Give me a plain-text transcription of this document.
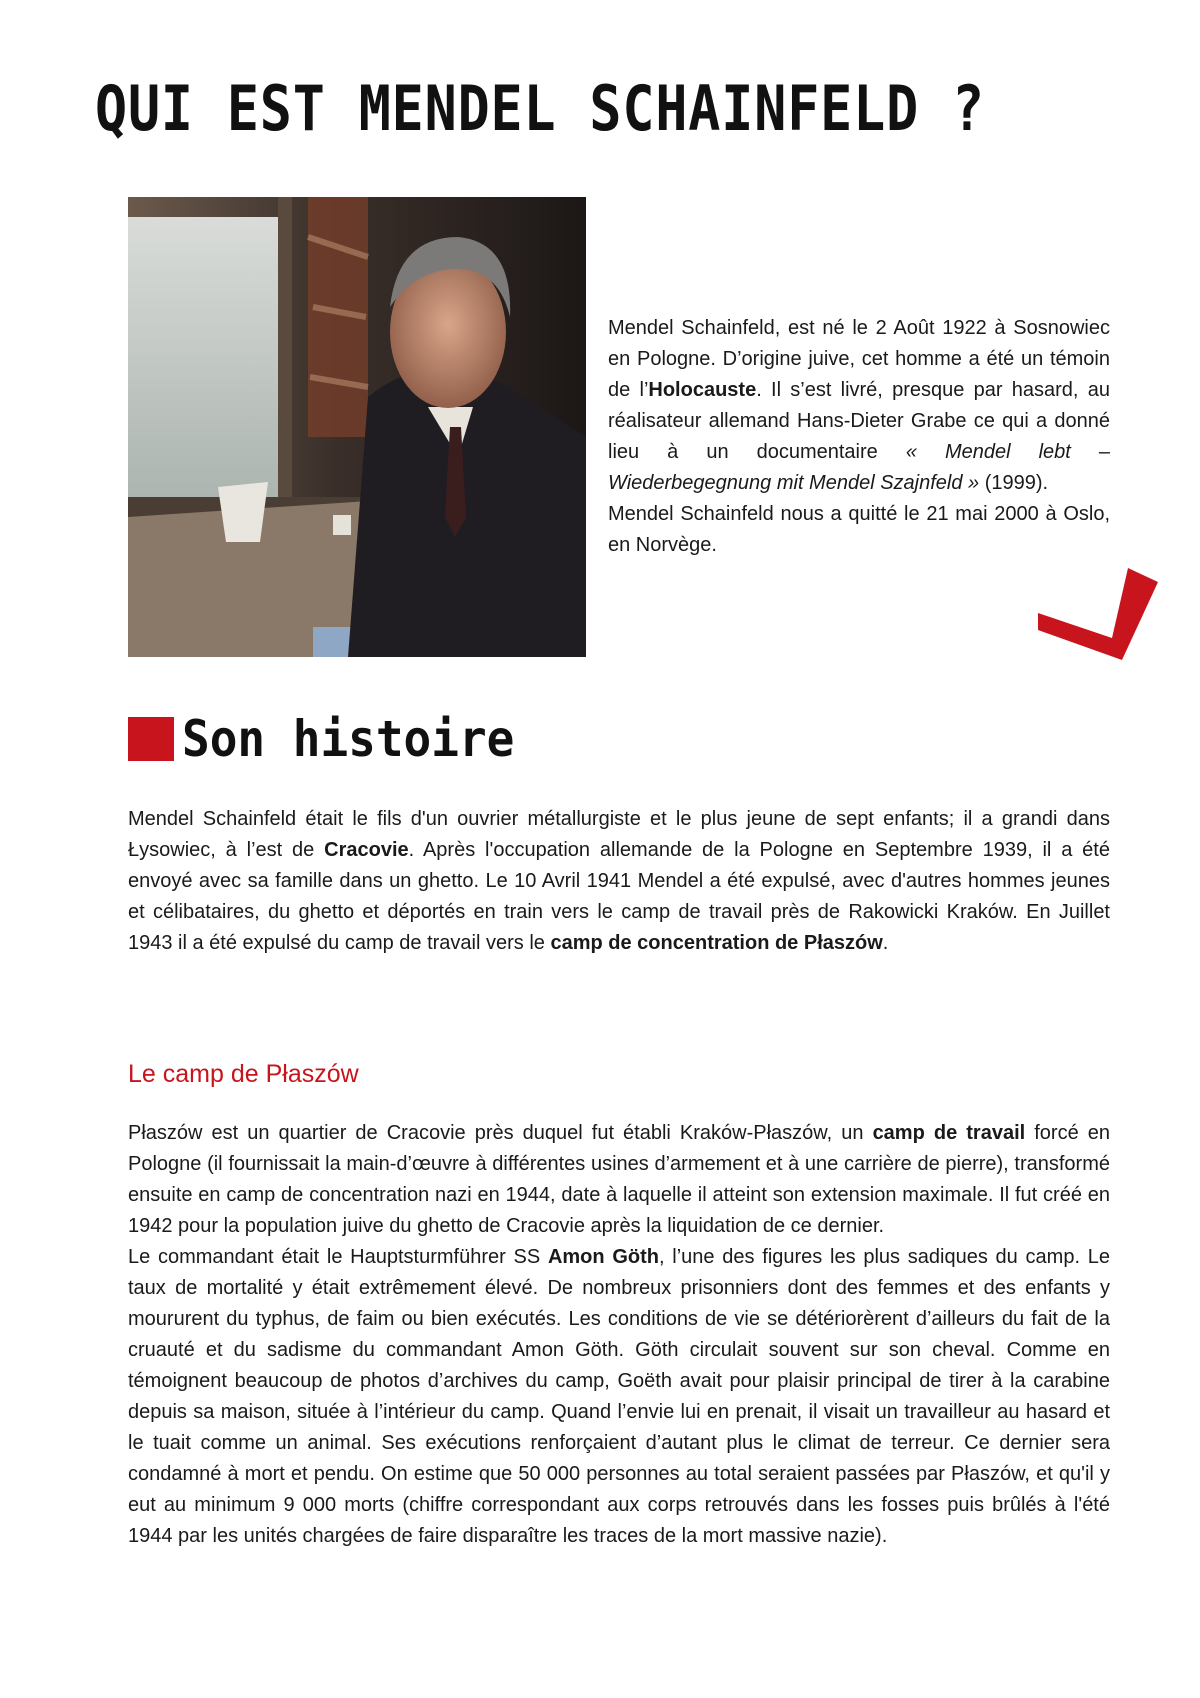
QUI EST MENDEL SCHAINFELD ?

Mendel Schainfeld, est né le 2 Août 1922 à Sosnowiec en Pologne. D’origine juive, cet homme a été un témoin de l’Holocauste. Il s’est livré, presque par hasard, au réalisateur allemand Hans-Dieter Grabe ce qui a donné lieu à un documentaire « Mendel lebt – Wiederbegegnung mit Mendel Szajnfeld » (1999).

Mendel Schainfeld nous a quitté le 21 mai 2000 à Oslo, en Norvège.

Son histoire

Mendel Schainfeld était le fils d'un ouvrier métallurgiste et le plus jeune de sept enfants; il a grandi dans Łysowiec, à l’est de Cracovie. Après l'occupation allemande de la Pologne en Septembre 1939, il a été envoyé avec sa famille dans un ghetto. Le 10 Avril 1941 Mendel a été expulsé, avec d'autres hommes jeunes et célibataires, du ghetto et déportés en train vers le camp de travail près de Rakowicki Kraków. En Juillet 1943 il a été expulsé du camp de travail vers le camp de concentration de Płaszów.

Le camp de Płaszów

Płaszów est un quartier de Cracovie près duquel fut établi Kraków-Płaszów, un camp de travail forcé en Pologne (il fournissait la main-d’œuvre à différentes usines d’armement et à une carrière de pierre), transformé ensuite en camp de concentration nazi en 1944, date à laquelle il atteint son extension maximale. Il fut créé en 1942 pour la population juive du ghetto de Cracovie après la liquidation de ce dernier.

Le commandant était le Hauptsturmführer SS Amon Göth, l’une des figures les plus sadiques du camp. Le taux de mortalité y était extrêmement élevé. De nombreux prisonniers dont des femmes et des enfants y moururent du typhus, de faim ou bien exécutés. Les conditions de vie se détériorèrent d’ailleurs du fait de la cruauté et du sadisme du commandant Amon Göth. Göth circulait souvent sur son cheval. Comme en témoignent beaucoup de photos d’archives du camp, Goëth avait pour plaisir principal de tirer à la carabine depuis sa maison, située à l’intérieur du camp. Quand l’envie lui en prenait, il visait un travailleur au hasard et le tuait comme un animal. Ses exécutions renforçaient d’autant plus le climat de terreur. Ce dernier sera condamné à mort et pendu. On estime que 50 000 personnes au total seraient passées par Płaszów, et qu'il y eut au minimum 9 000 morts (chiffre correspondant aux corps retrouvés dans les fosses puis brûlés à l'été 1944 par les unités chargées de faire disparaître les traces de la mort massive nazie).
